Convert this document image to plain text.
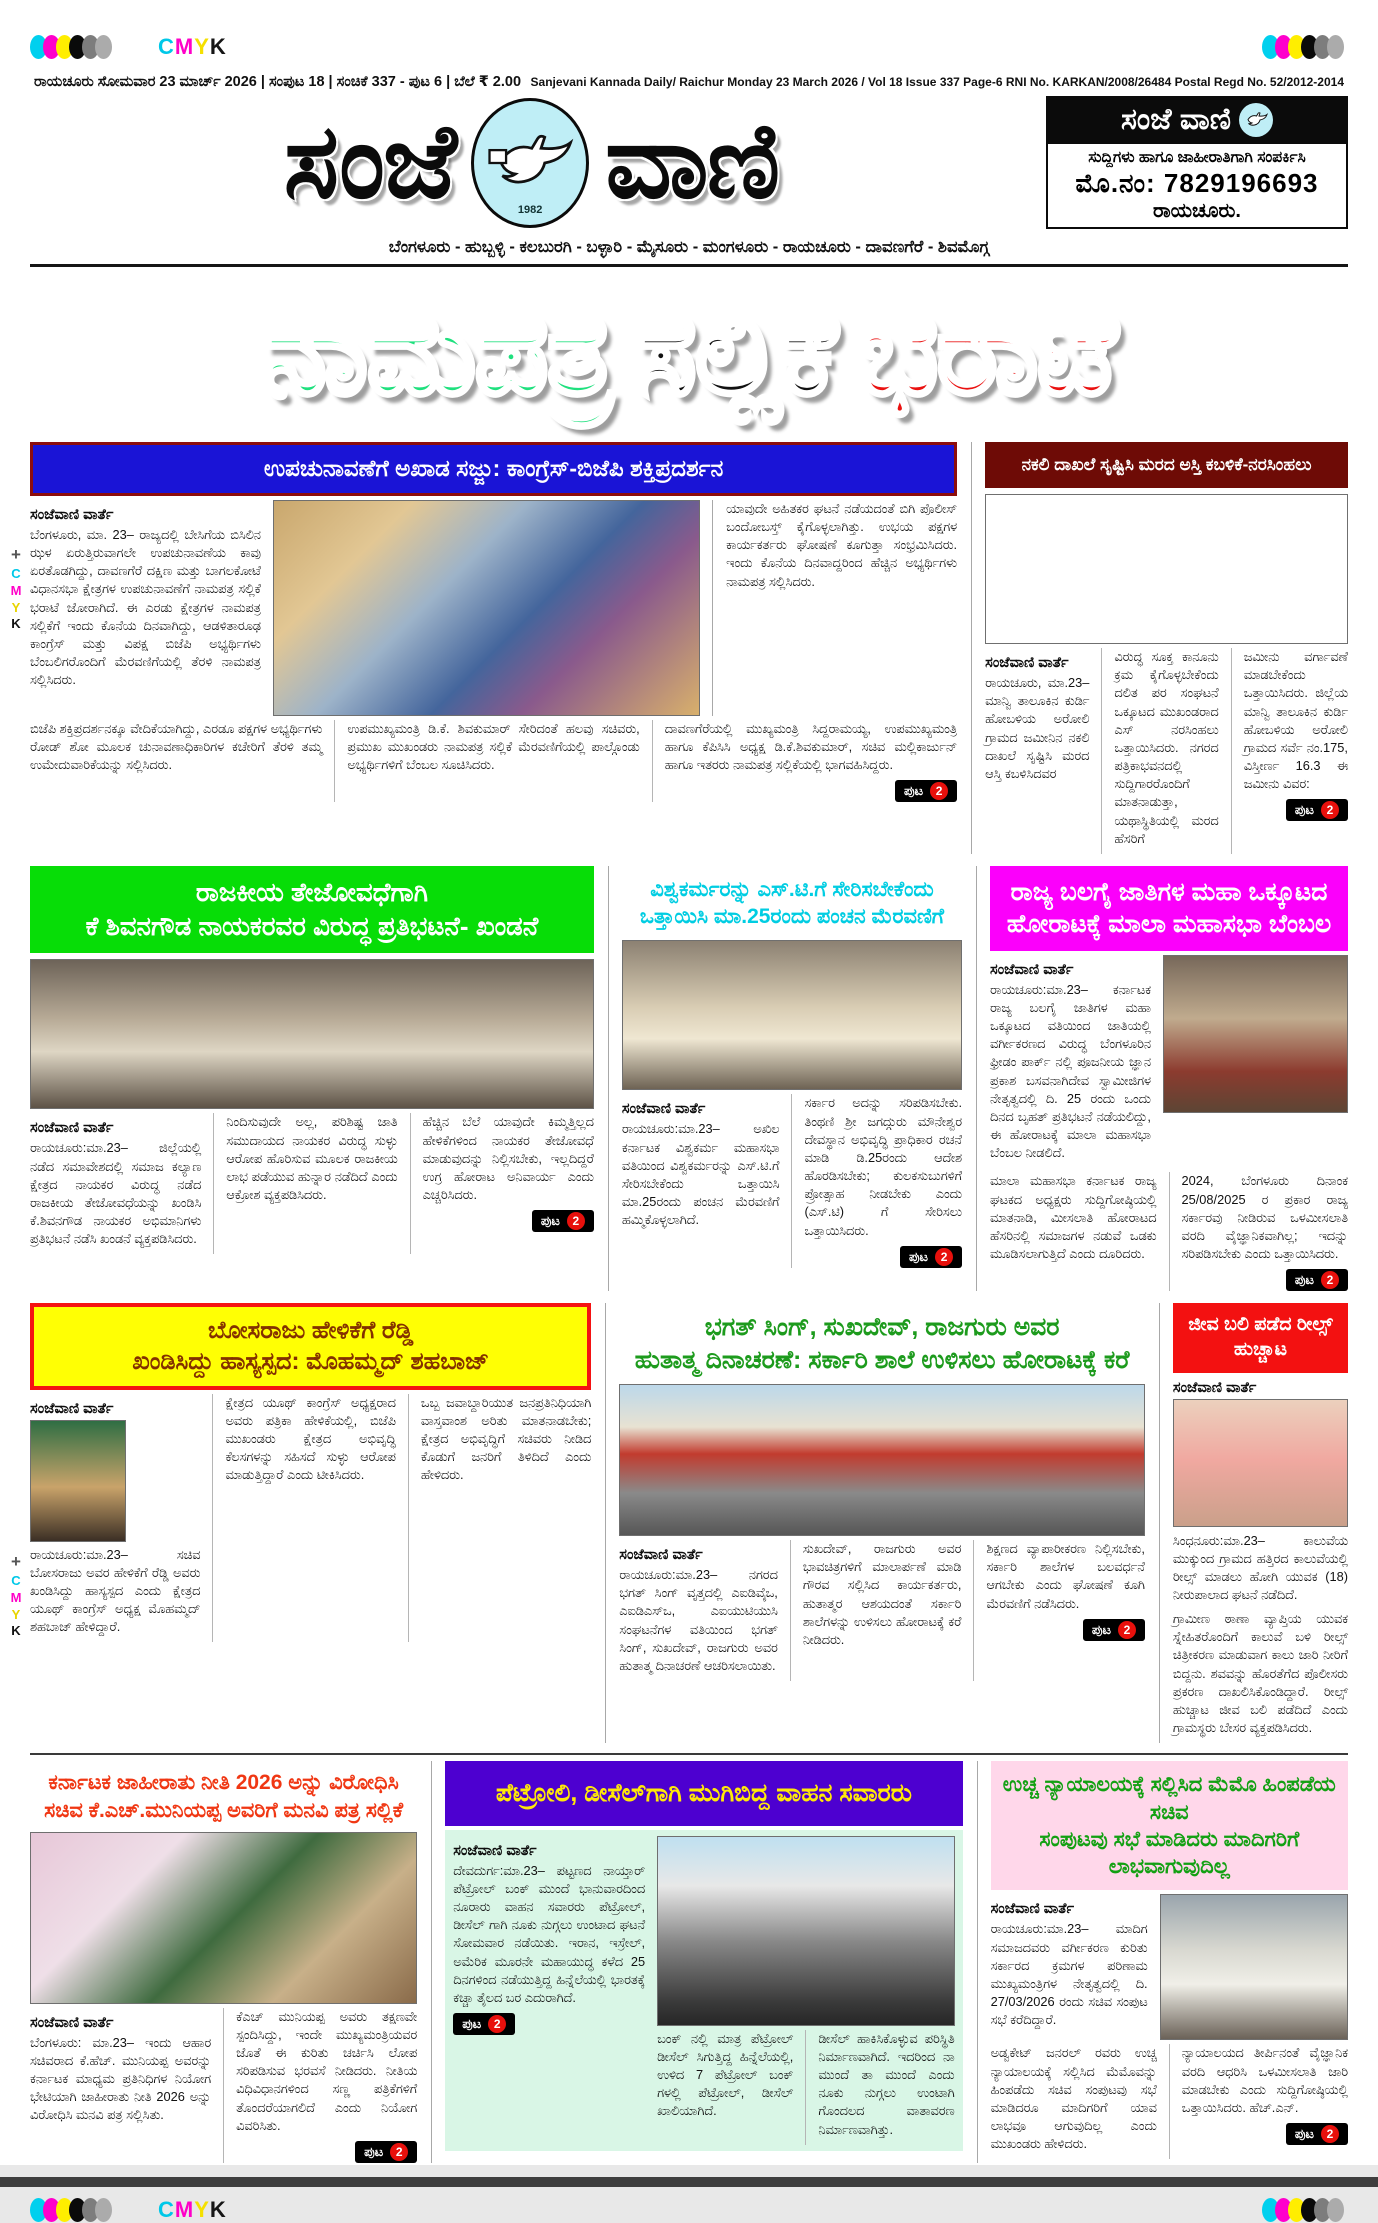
CMYK
+
C
M
Y
K
+
C
M
Y
K
ರಾಯಚೂರು ಸೋಮವಾರ 23 ಮಾರ್ಚ್ 2026 | ಸಂಪುಟ 18 | ಸಂಚಿಕೆ 337 - ಪುಟ 6 | ಬೆಲೆ ₹ 2.00 Sanjevani Kannada Daily/ Raichur Monday 23 March 2026 / Vol 18 Issue 337 Page-6 RNI No. KARKAN/2008/26484 Postal Regd No. 52/2012-2014
ಸಂಜೆ	1982 ವಾಣಿ	ಸಂಜೆ ವಾಣಿ
ಸುದ್ದಿಗಳು ಹಾಗೂ ಜಾಹೀರಾತಿಗಾಗಿ ಸಂಪರ್ಕಿಸಿ
ಮೊ.ನಂ: 7829196693
ರಾಯಚೂರು.
ಬೆಂಗಳೂರು - ಹುಬ್ಬಳ್ಳಿ - ಕಲಬುರಗಿ - ಬಳ್ಳಾರಿ - ಮೈಸೂರು - ಮಂಗಳೂರು - ರಾಯಚೂರು - ದಾವಣಗೆರೆ - ಶಿವಮೊಗ್ಗ
ನಾಮಪತ್ರ ಸಲ್ಲಿಕೆ ಭರಾಟೆ
ಉಪಚುನಾವಣೆಗೆ ಅಖಾಡ ಸಜ್ಜು: ಕಾಂಗ್ರೆಸ್-ಬಿಜೆಪಿ ಶಕ್ತಿಪ್ರದರ್ಶನ
ಸಂಜೆವಾಣಿ ವಾರ್ತೆ

ಬೆಂಗಳೂರು, ಮಾ. 23– ರಾಜ್ಯದಲ್ಲಿ ಬೇಸಿಗೆಯ ಬಿಸಿಲಿನ ಝಳ ಏರುತ್ತಿರುವಾಗಲೇ ಉಪಚುನಾವಣೆಯ ಕಾವು ಏರತೊಡಗಿದ್ದು, ದಾವಣಗೆರೆ ದಕ್ಷಿಣ ಮತ್ತು ಬಾಗಲಕೋಟೆ ವಿಧಾನಸಭಾ ಕ್ಷೇತ್ರಗಳ ಉಪಚುನಾವಣೆಗೆ ನಾಮಪತ್ರ ಸಲ್ಲಿಕೆ ಭರಾಟೆ ಜೋರಾಗಿದೆ. ಈ ಎರಡು ಕ್ಷೇತ್ರಗಳ ನಾಮಪತ್ರ ಸಲ್ಲಿಕೆಗೆ ಇಂದು ಕೊನೆಯ ದಿನವಾಗಿದ್ದು, ಆಡಳಿತಾರೂಢ ಕಾಂಗ್ರೆಸ್ ಮತ್ತು ವಿಪಕ್ಷ ಬಿಜೆಪಿ ಅಭ್ಯರ್ಥಿಗಳು ಬೆಂಬಲಿಗರೊಂದಿಗೆ ಮೆರವಣಿಗೆಯಲ್ಲಿ ತೆರಳಿ ನಾಮಪತ್ರ ಸಲ್ಲಿಸಿದರು.

ಯಾವುದೇ ಅಹಿತಕರ ಘಟನೆ ನಡೆಯದಂತೆ ಬಿಗಿ ಪೊಲೀಸ್ ಬಂದೋಬಸ್ತ್ ಕೈಗೊಳ್ಳಲಾಗಿತ್ತು. ಉಭಯ ಪಕ್ಷಗಳ ಕಾರ್ಯಕರ್ತರು ಘೋಷಣೆ ಕೂಗುತ್ತಾ ಸಂಭ್ರಮಿಸಿದರು. ಇಂದು ಕೊನೆಯ ದಿನವಾದ್ದರಿಂದ ಹೆಚ್ಚಿನ ಅಭ್ಯರ್ಥಿಗಳು ನಾಮಪತ್ರ ಸಲ್ಲಿಸಿದರು.

ಬಿಜೆಪಿ ಶಕ್ತಿಪ್ರದರ್ಶನಕ್ಕೂ ವೇದಿಕೆಯಾಗಿದ್ದು, ಎರಡೂ ಪಕ್ಷಗಳ ಅಭ್ಯರ್ಥಿಗಳು ರೋಡ್ ಶೋ ಮೂಲಕ ಚುನಾವಣಾಧಿಕಾರಿಗಳ ಕಚೇರಿಗೆ ತೆರಳಿ ತಮ್ಮ ಉಮೇದುವಾರಿಕೆಯನ್ನು ಸಲ್ಲಿಸಿದರು.

ಉಪಮುಖ್ಯಮಂತ್ರಿ ಡಿ.ಕೆ. ಶಿವಕುಮಾರ್ ಸೇರಿದಂತೆ ಹಲವು ಸಚಿವರು, ಪ್ರಮುಖ ಮುಖಂಡರು ನಾಮಪತ್ರ ಸಲ್ಲಿಕೆ ಮೆರವಣಿಗೆಯಲ್ಲಿ ಪಾಲ್ಗೊಂಡು ಅಭ್ಯರ್ಥಿಗಳಿಗೆ ಬೆಂಬಲ ಸೂಚಿಸಿದರು.

ದಾವಣಗೆರೆಯಲ್ಲಿ ಮುಖ್ಯಮಂತ್ರಿ ಸಿದ್ದರಾಮಯ್ಯ, ಉಪಮುಖ್ಯಮಂತ್ರಿ ಹಾಗೂ ಕೆಪಿಸಿಸಿ ಅಧ್ಯಕ್ಷ ಡಿ.ಕೆ.ಶಿವಕುಮಾರ್, ಸಚಿವ ಮಲ್ಲಿಕಾರ್ಜುನ್ ಹಾಗೂ ಇತರರು ನಾಮಪತ್ರ ಸಲ್ಲಿಕೆಯಲ್ಲಿ ಭಾಗವಹಿಸಿದ್ದರು.

ಪುಟ	2
ನಕಲಿ ದಾಖಲೆ ಸೃಷ್ಟಿಸಿ ಮರದ ಅಸ್ತಿ ಕಬಳಿಕೆ-ನರಸಿಂಹಲು
ಸಂಜೆವಾಣಿ ವಾರ್ತೆ

ರಾಯಚೂರು, ಮಾ.23– ಮಾನ್ವಿ ತಾಲೂಕಿನ ಕುರ್ಡಿ ಹೋಬಳಿಯ ಅರೋಲಿ ಗ್ರಾಮದ ಜಮೀನಿನ ನಕಲಿ ದಾಖಲೆ ಸೃಷ್ಟಿಸಿ ಮರದ ಆಸ್ತಿ ಕಬಳಿಸಿದವರ

ವಿರುದ್ಧ ಸೂಕ್ತ ಕಾನೂನು ಕ್ರಮ ಕೈಗೊಳ್ಳಬೇಕೆಂದು ದಲಿತ ಪರ ಸಂಘಟನೆ ಒಕ್ಕೂಟದ ಮುಖಂಡರಾದ ಎಸ್ ನರಸಿಂಹಲು ಒತ್ತಾಯಿಸಿದರು. ನಗರದ ಪತ್ರಿಕಾಭವನದಲ್ಲಿ ಸುದ್ದಿಗಾರರೊಂದಿಗೆ ಮಾತನಾಡುತ್ತಾ, ಯಥಾಸ್ಥಿತಿಯಲ್ಲಿ ಮರದ ಹೆಸರಿಗೆ

ಜಮೀನು ವರ್ಗಾವಣೆ ಮಾಡಬೇಕೆಂದು ಒತ್ತಾಯಿಸಿದರು. ಜಿಲ್ಲೆಯ ಮಾನ್ವಿ ತಾಲೂಕಿನ ಕುರ್ಡಿ ಹೋಬಳಿಯ ಅರೋಲಿ ಗ್ರಾಮದ ಸರ್ವೆ ನಂ.175, ವಿಸ್ತೀರ್ಣ 16.3 ಈ ಜಮೀನು ವಿವರ:

ಪುಟ	2
ರಾಜಕೀಯ ತೇಜೋವಧೆಗಾಗಿ
ಕೆ ಶಿವನಗೌಡ ನಾಯಕರವರ ವಿರುದ್ಧ ಪ್ರತಿಭಟನೆ- ಖಂಡನೆ
ಸಂಜೆವಾಣಿ ವಾರ್ತೆ

ರಾಯಚೂರು:ಮಾ.23– ಜಿಲ್ಲೆಯಲ್ಲಿ ನಡೆದ ಸಮಾವೇಶದಲ್ಲಿ ಸಮಾಜ ಕಲ್ಯಾಣ ಕ್ಷೇತ್ರದ ನಾಯಕರ ವಿರುದ್ಧ ನಡೆದ ರಾಜಕೀಯ ತೇಜೋವಧೆಯನ್ನು ಖಂಡಿಸಿ ಕೆ.ಶಿವನಗೌಡ ನಾಯಕರ ಅಭಿಮಾನಿಗಳು ಪ್ರತಿಭಟನೆ ನಡೆಸಿ ಖಂಡನೆ ವ್ಯಕ್ತಪಡಿಸಿದರು.

ನಿಂದಿಸುವುದೇ ಅಲ್ಲ, ಪರಿಶಿಷ್ಟ ಜಾತಿ ಸಮುದಾಯದ ನಾಯಕರ ವಿರುದ್ಧ ಸುಳ್ಳು ಆರೋಪ ಹೊರಿಸುವ ಮೂಲಕ ರಾಜಕೀಯ ಲಾಭ ಪಡೆಯುವ ಹುನ್ನಾರ ನಡೆದಿದೆ ಎಂದು ಆಕ್ರೋಶ ವ್ಯಕ್ತಪಡಿಸಿದರು.

ಹೆಚ್ಚಿನ ಬೆಲೆ ಯಾವುದೇ ಕಿಮ್ಮತ್ತಿಲ್ಲದ ಹೇಳಿಕೆಗಳಿಂದ ನಾಯಕರ ತೇಜೋವಧೆ ಮಾಡುವುದನ್ನು ನಿಲ್ಲಿಸಬೇಕು, ಇಲ್ಲದಿದ್ದರೆ ಉಗ್ರ ಹೋರಾಟ ಅನಿವಾರ್ಯ ಎಂದು ಎಚ್ಚರಿಸಿದರು.

ಪುಟ	2
ವಿಶ್ವಕರ್ಮರನ್ನು ಎಸ್.ಟಿ.ಗೆ ಸೇರಿಸಬೇಕೆಂದು
ಒತ್ತಾಯಿಸಿ ಮಾ.25ರಂದು ಪಂಚನ ಮೆರವಣಿಗೆ
ಸಂಜೆವಾಣಿ ವಾರ್ತೆ

ರಾಯಚೂರು:ಮಾ.23– ಅಖಿಲ ಕರ್ನಾಟಕ ವಿಶ್ವಕರ್ಮ ಮಹಾಸಭಾ ವತಿಯಿಂದ ವಿಶ್ವಕರ್ಮರನ್ನು ಎಸ್.ಟಿ.ಗೆ ಸೇರಿಸಬೇಕೆಂದು ಒತ್ತಾಯಿಸಿ ಮಾ.25ರಂದು ಪಂಚನ ಮೆರವಣಿಗೆ ಹಮ್ಮಿಕೊಳ್ಳಲಾಗಿದೆ.

ಸರ್ಕಾರ ಅದನ್ನು ಸರಿಪಡಿಸಬೇಕು. ತಿಂಥಣಿ ಶ್ರೀ ಜಗದ್ಗುರು ಮೌನೇಶ್ವರ ದೇವಸ್ಥಾನ ಅಭಿವೃದ್ಧಿ ಪ್ರಾಧಿಕಾರ ರಚನೆ ಮಾಡಿ ಡಿ.25ರಂದು ಆದೇಶ ಹೊರಡಿಸಬೇಕು; ಕುಲಕಸುಬುಗಳಿಗೆ ಪ್ರೋತ್ಸಾಹ ನೀಡಬೇಕು ಎಂದು (ಎಸ್.ಟಿ) ಗೆ ಸೇರಿಸಲು ಒತ್ತಾಯಿಸಿದರು.

ಪುಟ	2
ರಾಜ್ಯ ಬಲಗೈ ಜಾತಿಗಳ ಮಹಾ ಒಕ್ಕೂಟದ
ಹೋರಾಟಕ್ಕೆ ಮಾಲಾ ಮಹಾಸಭಾ ಬೆಂಬಲ
ಸಂಜೆವಾಣಿ ವಾರ್ತೆ

ರಾಯಚೂರು:ಮಾ.23– ಕರ್ನಾಟಕ ರಾಜ್ಯ ಬಲಗೈ ಜಾತಿಗಳ ಮಹಾ ಒಕ್ಕೂಟದ ವತಿಯಿಂದ ಜಾತಿಯಲ್ಲಿ ವರ್ಗೀಕರಣದ ವಿರುದ್ಧ ಬೆಂಗಳೂರಿನ ಫ್ರೀಡಂ ಪಾರ್ಕ್ ನಲ್ಲಿ ಪೂಜನೀಯ ಜ್ಞಾನ ಪ್ರಕಾಶ ಬಸವನಾಗಿದೇವ ಸ್ವಾಮೀಜಿಗಳ ನೇತೃತ್ವದಲ್ಲಿ ದಿ. 25 ರಂದು ಒಂದು ದಿನದ ಬೃಹತ್ ಪ್ರತಿಭಟನೆ ನಡೆಯಲಿದ್ದು, ಈ ಹೋರಾಟಕ್ಕೆ ಮಾಲಾ ಮಹಾಸಭಾ ಬೆಂಬಲ ನೀಡಲಿದೆ.

ಮಾಲಾ ಮಹಾಸಭಾ ಕರ್ನಾಟಕ ರಾಜ್ಯ ಘಟಕದ ಅಧ್ಯಕ್ಷರು ಸುದ್ದಿಗೋಷ್ಠಿಯಲ್ಲಿ ಮಾತನಾಡಿ, ಮೀಸಲಾತಿ ಹೋರಾಟದ ಹೆಸರಿನಲ್ಲಿ ಸಮಾಜಗಳ ನಡುವೆ ಒಡಕು ಮೂಡಿಸಲಾಗುತ್ತಿದೆ ಎಂದು ದೂರಿದರು.

2024, ಬೆಂಗಳೂರು ದಿನಾಂಕ 25/08/2025 ರ ಪ್ರಕಾರ ರಾಜ್ಯ ಸರ್ಕಾರವು ನೀಡಿರುವ ಒಳಮೀಸಲಾತಿ ವರದಿ ವೈಜ್ಞಾನಿಕವಾಗಿಲ್ಲ; ಇದನ್ನು ಸರಿಪಡಿಸಬೇಕು ಎಂದು ಒತ್ತಾಯಿಸಿದರು.

ಪುಟ	2
ಬೋಸರಾಜು ಹೇಳಿಕೆಗೆ ರೆಡ್ಡಿ
ಖಂಡಿಸಿದ್ದು ಹಾಸ್ಯಸ್ಪದ: ಮೊಹಮ್ಮದ್ ಶಹಬಾಜ್
ಸಂಜೆವಾಣಿ ವಾರ್ತೆ

ರಾಯಚೂರು:ಮಾ.23– ಸಚಿವ ಬೋಸರಾಜು ಅವರ ಹೇಳಿಕೆಗೆ ರೆಡ್ಡಿ ಅವರು ಖಂಡಿಸಿದ್ದು ಹಾಸ್ಯಸ್ಪದ ಎಂದು ಕ್ಷೇತ್ರದ ಯೂಥ್ ಕಾಂಗ್ರೆಸ್ ಅಧ್ಯಕ್ಷ ಮೊಹಮ್ಮದ್ ಶಹಬಾಜ್ ಹೇಳಿದ್ದಾರೆ.

ಕ್ಷೇತ್ರದ ಯೂಥ್ ಕಾಂಗ್ರೆಸ್ ಅಧ್ಯಕ್ಷರಾದ ಅವರು ಪತ್ರಿಕಾ ಹೇಳಿಕೆಯಲ್ಲಿ, ಬಿಜೆಪಿ ಮುಖಂಡರು ಕ್ಷೇತ್ರದ ಅಭಿವೃದ್ಧಿ ಕೆಲಸಗಳನ್ನು ಸಹಿಸದೆ ಸುಳ್ಳು ಆರೋಪ ಮಾಡುತ್ತಿದ್ದಾರೆ ಎಂದು ಟೀಕಿಸಿದರು.

ಒಬ್ಬ ಜವಾಬ್ದಾರಿಯುತ ಜನಪ್ರತಿನಿಧಿಯಾಗಿ ವಾಸ್ತವಾಂಶ ಅರಿತು ಮಾತನಾಡಬೇಕು; ಕ್ಷೇತ್ರದ ಅಭಿವೃದ್ಧಿಗೆ ಸಚಿವರು ನೀಡಿದ ಕೊಡುಗೆ ಜನರಿಗೆ ತಿಳಿದಿದೆ ಎಂದು ಹೇಳಿದರು.

ಭಗತ್ ಸಿಂಗ್, ಸುಖದೇವ್, ರಾಜಗುರು ಅವರ
ಹುತಾತ್ಮ ದಿನಾಚರಣೆ: ಸರ್ಕಾರಿ ಶಾಲೆ ಉಳಿಸಲು ಹೋರಾಟಕ್ಕೆ ಕರೆ
ಸಂಜೆವಾಣಿ ವಾರ್ತೆ

ರಾಯಚೂರು:ಮಾ.23– ನಗರದ ಭಗತ್ ಸಿಂಗ್ ವೃತ್ತದಲ್ಲಿ ಎಐಡಿವೈಒ, ಎಐಡಿಎಸ್ಒ, ಎಐಯುಟಿಯುಸಿ ಸಂಘಟನೆಗಳ ವತಿಯಿಂದ ಭಗತ್ ಸಿಂಗ್, ಸುಖದೇವ್, ರಾಜಗುರು ಅವರ ಹುತಾತ್ಮ ದಿನಾಚರಣೆ ಆಚರಿಸಲಾಯಿತು.

ಸುಖದೇವ್, ರಾಜಗುರು ಅವರ ಭಾವಚಿತ್ರಗಳಿಗೆ ಮಾಲಾರ್ಪಣೆ ಮಾಡಿ ಗೌರವ ಸಲ್ಲಿಸಿದ ಕಾರ್ಯಕರ್ತರು, ಹುತಾತ್ಮರ ಆಶಯದಂತೆ ಸರ್ಕಾರಿ ಶಾಲೆಗಳನ್ನು ಉಳಿಸಲು ಹೋರಾಟಕ್ಕೆ ಕರೆ ನೀಡಿದರು.

ಶಿಕ್ಷಣದ ವ್ಯಾಪಾರೀಕರಣ ನಿಲ್ಲಿಸಬೇಕು, ಸರ್ಕಾರಿ ಶಾಲೆಗಳ ಬಲವರ್ಧನೆ ಆಗಬೇಕು ಎಂದು ಘೋಷಣೆ ಕೂಗಿ ಮೆರವಣಿಗೆ ನಡೆಸಿದರು.

ಪುಟ	2
ಜೀವ ಬಲಿ ಪಡೆದ ರೀಲ್ಸ್ ಹುಚ್ಚಾಟ
ಸಂಜೆವಾಣಿ ವಾರ್ತೆ

ಸಿಂಧನೂರು:ಮಾ.23– ಕಾಲುವೆಯ ಮುಕ್ಕುಂದ ಗ್ರಾಮದ ಹತ್ತಿರದ ಕಾಲುವೆಯಲ್ಲಿ ರೀಲ್ಸ್ ಮಾಡಲು ಹೋಗಿ ಯುವಕ (18) ನೀರುಪಾಲಾದ ಘಟನೆ ನಡೆದಿದೆ.

ಗ್ರಾಮೀಣ ಠಾಣಾ ವ್ಯಾಪ್ತಿಯ ಯುವಕ ಸ್ನೇಹಿತರೊಂದಿಗೆ ಕಾಲುವೆ ಬಳಿ ರೀಲ್ಸ್ ಚಿತ್ರೀಕರಣ ಮಾಡುವಾಗ ಕಾಲು ಜಾರಿ ನೀರಿಗೆ ಬಿದ್ದನು. ಶವವನ್ನು ಹೊರತೆಗೆದ ಪೊಲೀಸರು ಪ್ರಕರಣ ದಾಖಲಿಸಿಕೊಂಡಿದ್ದಾರೆ. ರೀಲ್ಸ್ ಹುಚ್ಚಾಟ ಜೀವ ಬಲಿ ಪಡೆದಿದೆ ಎಂದು ಗ್ರಾಮಸ್ಥರು ಬೇಸರ ವ್ಯಕ್ತಪಡಿಸಿದರು.

ಕರ್ನಾಟಕ ಜಾಹೀರಾತು ನೀತಿ 2026 ಅನ್ನು ವಿರೋಧಿಸಿ
ಸಚಿವ ಕೆ.ಎಚ್.ಮುನಿಯಪ್ಪ ಅವರಿಗೆ ಮನವಿ ಪತ್ರ ಸಲ್ಲಿಕೆ
ಸಂಜೆವಾಣಿ ವಾರ್ತೆ

ಬೆಂಗಳೂರು: ಮಾ.23– ಇಂದು ಆಹಾರ ಸಚಿವರಾದ ಕೆ.ಹೆಚ್. ಮುನಿಯಪ್ಪ ಅವರನ್ನು ಕರ್ನಾಟಕ ಮಾಧ್ಯಮ ಪ್ರತಿನಿಧಿಗಳ ನಿಯೋಗ ಭೇಟಿಯಾಗಿ ಜಾಹೀರಾತು ನೀತಿ 2026 ಅನ್ನು ವಿರೋಧಿಸಿ ಮನವಿ ಪತ್ರ ಸಲ್ಲಿಸಿತು.

ಕೆಎಚ್ ಮುನಿಯಪ್ಪ ಅವರು ತಕ್ಷಣವೇ ಸ್ಪಂದಿಸಿದ್ದು, ಇಂದೇ ಮುಖ್ಯಮಂತ್ರಿಯವರ ಜೊತೆ ಈ ಕುರಿತು ಚರ್ಚಿಸಿ ಲೋಪ ಸರಿಪಡಿಸುವ ಭರವಸೆ ನೀಡಿದರು. ನೀತಿಯ ವಿಧಿವಿಧಾನಗಳಿಂದ ಸಣ್ಣ ಪತ್ರಿಕೆಗಳಿಗೆ ತೊಂದರೆಯಾಗಲಿದೆ ಎಂದು ನಿಯೋಗ ವಿವರಿಸಿತು.

ಪುಟ	2
ಪೆಟ್ರೋಲಿ, ಡೀಸೆಲ್‌ಗಾಗಿ ಮುಗಿಬಿದ್ದ ವಾಹನ ಸವಾರರು
ಸಂಜೆವಾಣಿ ವಾರ್ತೆ

ದೇವದುರ್ಗ:ಮಾ.23– ಪಟ್ಟಣದ ನಾಯ್ತಾರ್ ಪೆಟ್ರೋಲ್ ಬಂಕ್ ಮುಂದೆ ಭಾನುವಾರದಿಂದ ನೂರಾರು ವಾಹನ ಸವಾರರು ಪೆಟ್ರೋಲ್, ಡೀಸೆಲ್ ಗಾಗಿ ನೂಕು ನುಗ್ಗಲು ಉಂಟಾದ ಘಟನೆ ಸೋಮವಾರ ನಡೆಯಿತು. ಇರಾನ, ಇಸ್ರೇಲ್, ಅಮೆರಿಕ ಮೂರನೇ ಮಹಾಯುದ್ಧ ಕಳೆದ 25 ದಿನಗಳಿಂದ ನಡೆಯುತ್ತಿದ್ದ ಹಿನ್ನೆಲೆಯಲ್ಲಿ ಭಾರತಕ್ಕೆ ಕಚ್ಚಾ ತೈಲದ ಬರ ಎದುರಾಗಿದೆ.

ಪುಟ	2

ಬಂಕ್ ನಲ್ಲಿ ಮಾತ್ರ ಪೆಟ್ರೋಲ್ ಡೀಸೆಲ್ ಸಿಗುತ್ತಿದ್ದ ಹಿನ್ನೆಲೆಯಲ್ಲಿ, ಉಳಿದ 7 ಪೆಟ್ರೋಲ್ ಬಂಕ್ ಗಳಲ್ಲಿ ಪೆಟ್ರೋಲ್, ಡೀಸೆಲ್ ಖಾಲಿಯಾಗಿದೆ.

ಡೀಸೆಲ್ ಹಾಕಿಸಿಕೊಳ್ಳುವ ಪರಿಸ್ಥಿತಿ ನಿರ್ಮಾಣವಾಗಿದೆ. ಇದರಿಂದ ನಾ ಮುಂದೆ ತಾ ಮುಂದೆ ಎಂದು ನೂಕು ನುಗ್ಗಲು ಉಂಟಾಗಿ ಗೊಂದಲದ ವಾತಾವರಣ ನಿರ್ಮಾಣವಾಗಿತ್ತು.

ಉಚ್ಚ ನ್ಯಾಯಾಲಯಕ್ಕೆ ಸಲ್ಲಿಸಿದ ಮೆಮೊ ಹಿಂಪಡೆಯ ಸಚಿವ
ಸಂಪುಟವು ಸಭೆ ಮಾಡಿದರು ಮಾದಿಗರಿಗೆ ಲಾಭವಾಗುವುದಿಲ್ಲ
ಸಂಜೆವಾಣಿ ವಾರ್ತೆ

ರಾಯಚೂರು:ಮಾ.23– ಮಾದಿಗ ಸಮಾಜದವರು ವರ್ಗೀಕರಣ ಕುರಿತು ಸರ್ಕಾರದ ಕ್ರಮಗಳ ಪರಿಣಾಮ ಮುಖ್ಯಮಂತ್ರಿಗಳ ನೇತೃತ್ವದಲ್ಲಿ ದಿ. 27/03/2026 ರಂದು ಸಚಿವ ಸಂಪುಟ ಸಭೆ ಕರೆದಿದ್ದಾರೆ.

ಅಡ್ವಕೇಟ್ ಜನರಲ್ ರವರು ಉಚ್ಚ ನ್ಯಾಯಾಲಯಕ್ಕೆ ಸಲ್ಲಿಸಿದ ಮೆಮೊವನ್ನು ಹಿಂಪಡೆದು ಸಚಿವ ಸಂಪುಟವು ಸಭೆ ಮಾಡಿದರೂ ಮಾದಿಗರಿಗೆ ಯಾವ ಲಾಭವೂ ಆಗುವುದಿಲ್ಲ ಎಂದು ಮುಖಂಡರು ಹೇಳಿದರು.

ನ್ಯಾಯಾಲಯದ ತೀರ್ಪಿನಂತೆ ವೈಜ್ಞಾನಿಕ ವರದಿ ಆಧರಿಸಿ ಒಳಮೀಸಲಾತಿ ಜಾರಿ ಮಾಡಬೇಕು ಎಂದು ಸುದ್ದಿಗೋಷ್ಠಿಯಲ್ಲಿ ಒತ್ತಾಯಿಸಿದರು. ಹೆಚ್.ಎನ್.

ಪುಟ	2
CMYK
